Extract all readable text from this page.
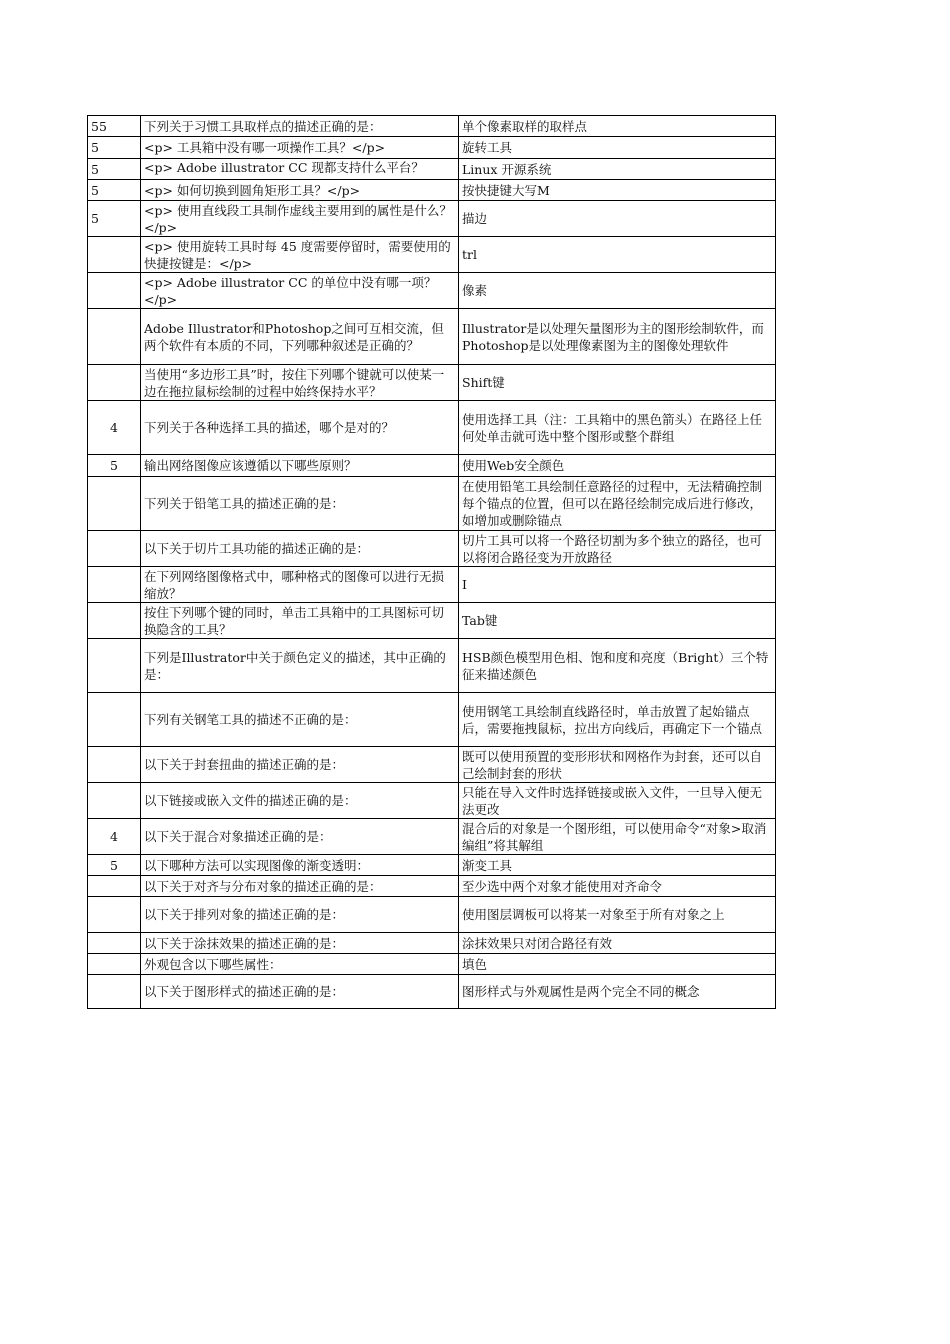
55	下列关于习惯工具取样点的描述正确的是：	单个像素取样的取样点

5	<p> 工具箱中没有哪一项操作工具？</p>	旋转工具

5	<p> Adobe illustrator CC 现都支持什么平台？	Linux 开源系统

5	<p> 如何切换到圆角矩形工具？</p>	按快捷键大写M

5	<p> 使用直线段工具制作虚线主要用到的属性是什么？</p>	描边

	<p> 使用旋转工具时每 45 度需要停留时，需要使用的快捷按键是：</p>	trl

	<p> Adobe illustrator CC 的单位中没有哪一项？</p>	像素

	Adobe Illustrator和Photoshop之间可互相交流，但两个软件有本质的不同，下列哪种叙述是正确的？	Illustrator是以处理矢量图形为主的图形绘制软件，而Photoshop是以处理像素图为主的图像处理软件

	当使用“多边形工具”时，按住下列哪个键就可以使某一边在拖拉鼠标绘制的过程中始终保持水平？	Shift键

4	下列关于各种选择工具的描述，哪个是对的？	使用选择工具（注：工具箱中的黑色箭头）在路径上任何处单击就可选中整个图形或整个群组

5	输出网络图像应该遵循以下哪些原则？	使用Web安全颜色

	下列关于铅笔工具的描述正确的是：	在使用铅笔工具绘制任意路径的过程中，无法精确控制每个锚点的位置，但可以在路径绘制完成后进行修改，如增加或删除锚点

	以下关于切片工具功能的描述正确的是：	切片工具可以将一个路径切割为多个独立的路径，也可以将闭合路径变为开放路径

	在下列网络图像格式中，哪种格式的图像可以进行无损缩放？	I

	按住下列哪个键的同时，单击工具箱中的工具图标可切换隐含的工具？	Tab键

	下列是Illustrator中关于颜色定义的描述，其中正确的是：	HSB颜色模型用色相、饱和度和亮度（Bright）三个特征来描述颜色

	下列有关钢笔工具的描述不正确的是：	使用钢笔工具绘制直线路径时，单击放置了起始锚点后，需要拖拽鼠标，拉出方向线后，再确定下一个锚点

	以下关于封套扭曲的描述正确的是：	既可以使用预置的变形形状和网格作为封套，还可以自己绘制封套的形状

	以下链接或嵌入文件的描述正确的是：	只能在导入文件时选择链接或嵌入文件，一旦导入便无法更改

4	以下关于混合对象描述正确的是：	混合后的对象是一个图形组，可以使用命令“对象>取消编组”将其解组

5	以下哪种方法可以实现图像的渐变透明：	渐变工具

	以下关于对齐与分布对象的描述正确的是：	至少选中两个对象才能使用对齐命令

	以下关于排列对象的描述正确的是：	使用图层调板可以将某一对象至于所有对象之上

	以下关于涂抹效果的描述正确的是：	涂抹效果只对闭合路径有效

	外观包含以下哪些属性：	填色

	以下关于图形样式的描述正确的是：	图形样式与外观属性是两个完全不同的概念
